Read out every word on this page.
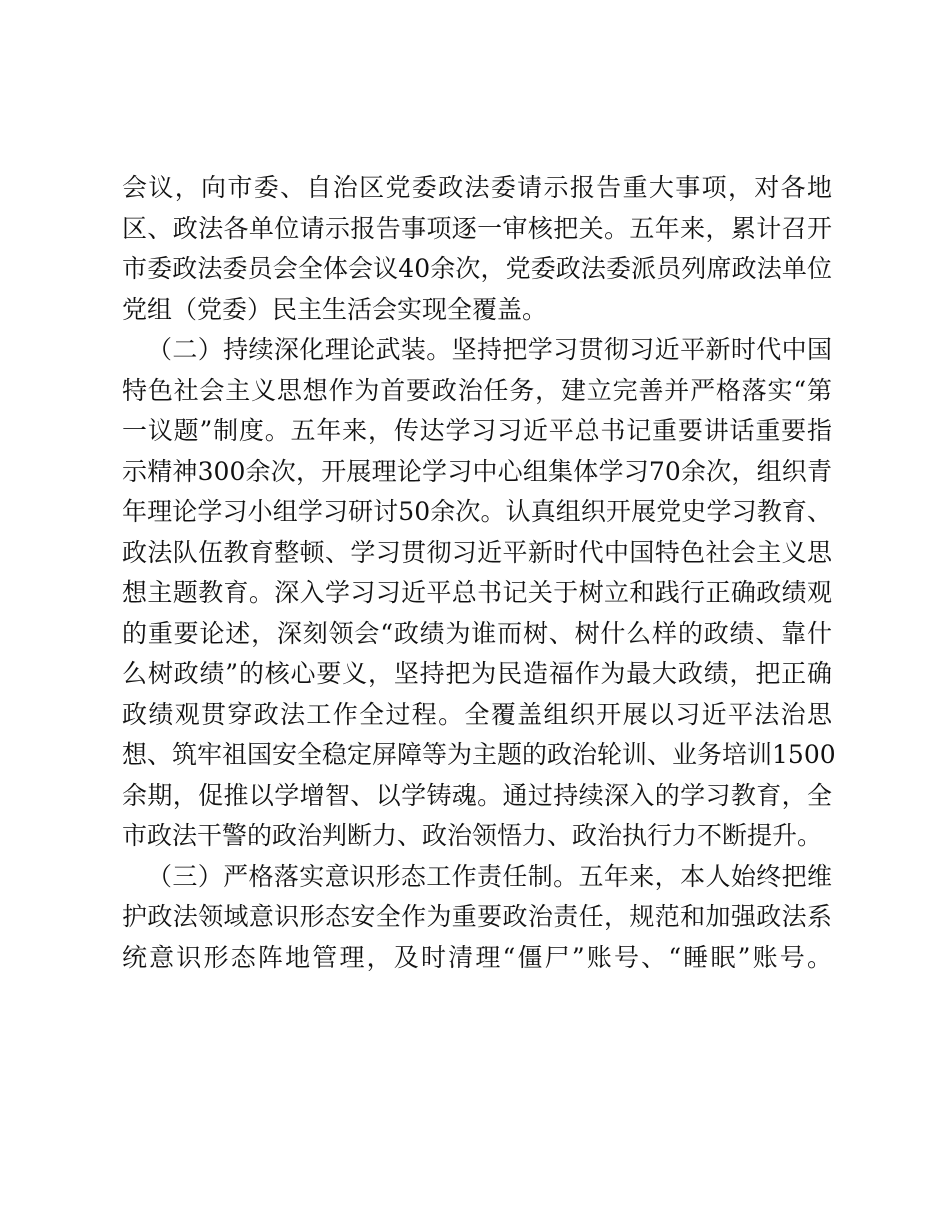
会议，向市委、自治区党委政法委请示报告重大事项，对各地
区、政法各单位请示报告事项逐一审核把关。五年来，累计召开
市委政法委员会全体会议40余次，党委政法委派员列席政法单位
党组（党委）民主生活会实现全覆盖。
（二）持续深化理论武装。坚持把学习贯彻习近平新时代中国
特色社会主义思想作为首要政治任务，建立完善并严格落实“第
一议题”制度。五年来，传达学习习近平总书记重要讲话重要指
示精神300余次，开展理论学习中心组集体学习70余次，组织青
年理论学习小组学习研讨50余次。认真组织开展党史学习教育、
政法队伍教育整顿、学习贯彻习近平新时代中国特色社会主义思
想主题教育。深入学习习近平总书记关于树立和践行正确政绩观
的重要论述，深刻领会“政绩为谁而树、树什么样的政绩、靠什
么树政绩”的核心要义，坚持把为民造福作为最大政绩，把正确
政绩观贯穿政法工作全过程。全覆盖组织开展以习近平法治思
想、筑牢祖国安全稳定屏障等为主题的政治轮训、业务培训1500
余期，促推以学增智、以学铸魂。通过持续深入的学习教育，全
市政法干警的政治判断力、政治领悟力、政治执行力不断提升。
（三）严格落实意识形态工作责任制。五年来，本人始终把维
护政法领域意识形态安全作为重要政治责任，规范和加强政法系
统意识形态阵地管理，及时清理“僵尸”账号、“睡眠”账号。
